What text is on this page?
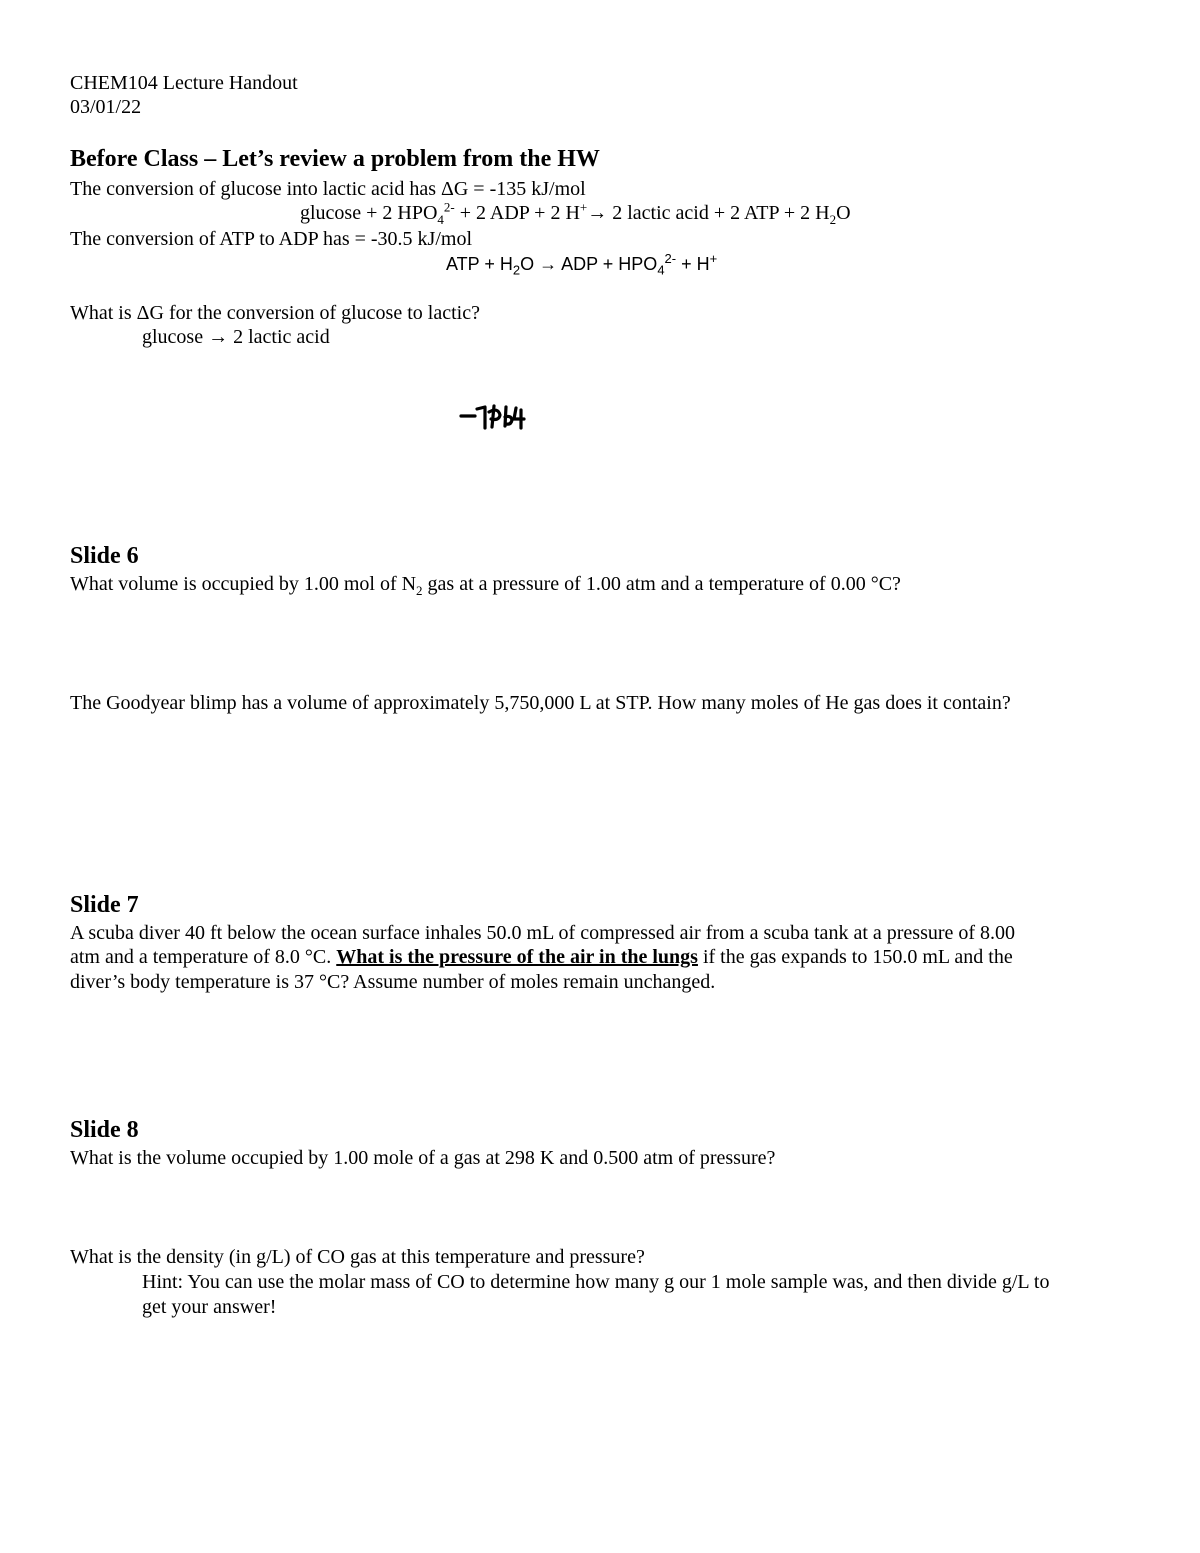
CHEM104 Lecture Handout
03/01/22
Before Class – Let’s review a problem from the HW
The conversion of glucose into lactic acid has ΔG = -135 kJ/mol
glucose + 2 $HPO_4^{2-} + 2$ ADP + 2 H+→ 2 lactic acid + 2 ATP + 2 $H_2O$
The conversion of ATP to ADP has = -30.5 kJ/mol
ATP + $H_2O$ → ADP + $HPO_4^{2-} + H^+$
What is ΔG for the conversion of glucose to lactic?
glucose → 2 lactic acid
Slide 6
What volume is occupied by 1.00 mol of $N_2$ gas at a pressure of 1.00 atm and a temperature of 0.00 °C?
The Goodyear blimp has a volume of approximately 5,750,000 L at STP. How many moles of He gas does it contain?
Slide 7
A scuba diver 40 ft below the ocean surface inhales 50.0 mL of compressed air from a scuba tank at a pressure of 8.00
atm and a temperature of 8.0 °C. What is the pressure of the air in the lungs if the gas expands to 150.0 mL and the
diver’s body temperature is 37 °C? Assume number of moles remain unchanged.
Slide 8
What is the volume occupied by 1.00 mole of a gas at 298 K and 0.500 atm of pressure?
What is the density (in g/L) of CO gas at this temperature and pressure?
Hint: You can use the molar mass of CO to determine how many g our 1 mole sample was, and then divide g/L to
get your answer!
